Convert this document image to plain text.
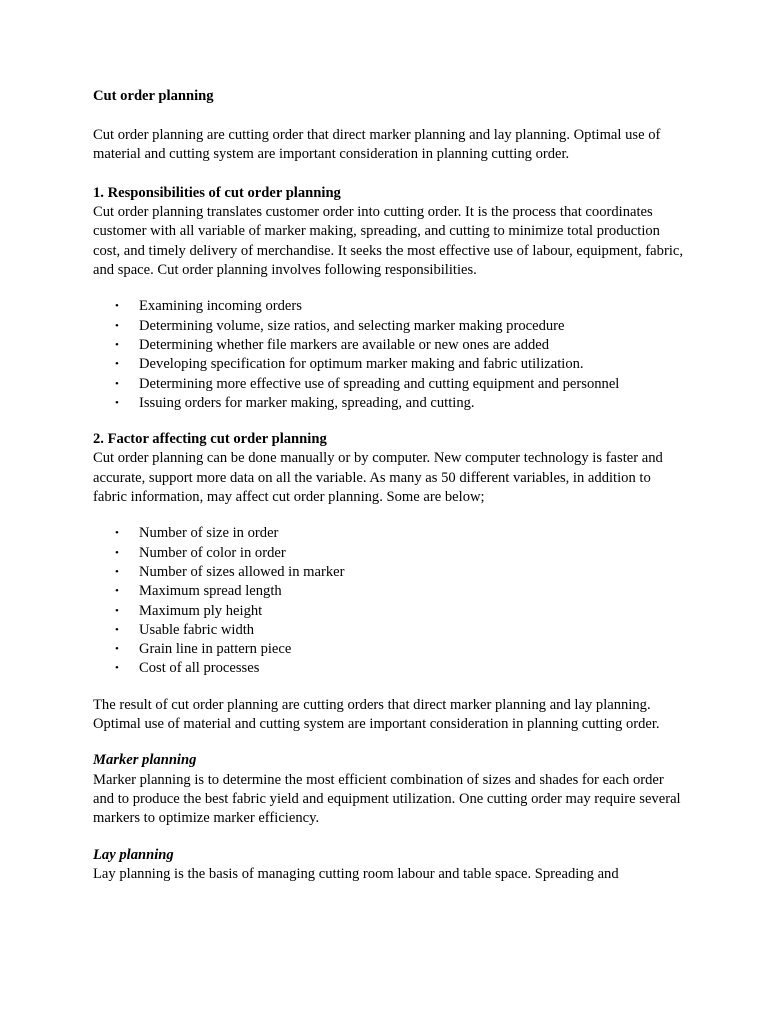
Cut order planning

Cut order planning are cutting order that direct marker planning and lay planning. Optimal use of material and cutting system are important consideration in planning cutting order.

1. Responsibilities of cut order planning

Cut order planning translates customer order into cutting order. It is the process that coordinates customer with all variable of marker making, spreading, and cutting to minimize total production cost, and timely delivery of merchandise. It seeks the most effective use of labour, equipment, fabric, and space. Cut order planning involves following responsibilities.

• Examining incoming orders
• Determining volume, size ratios, and selecting marker making procedure
• Determining whether file markers are available or new ones are added
• Developing specification for optimum marker making and fabric utilization.
• Determining more effective use of spreading and cutting equipment and personnel
• Issuing orders for marker making, spreading, and cutting.

2. Factor affecting cut order planning

Cut order planning can be done manually or by computer. New computer technology is faster and accurate, support more data on all the variable. As many as 50 different variables, in addition to fabric information, may affect cut order planning. Some are below;

• Number of size in order
• Number of color in order
• Number of sizes allowed in marker
• Maximum spread length
• Maximum ply height
• Usable fabric width
• Grain line in pattern piece
• Cost of all processes

The result of cut order planning are cutting orders that direct marker planning and lay planning. Optimal use of material and cutting system are important consideration in planning cutting order.

Marker planning

Marker planning is to determine the most efficient combination of sizes and shades for each order and to produce the best fabric yield and equipment utilization. One cutting order may require several markers to optimize marker efficiency.

Lay planning

Lay planning is the basis of managing cutting room labour and table space. Spreading and
